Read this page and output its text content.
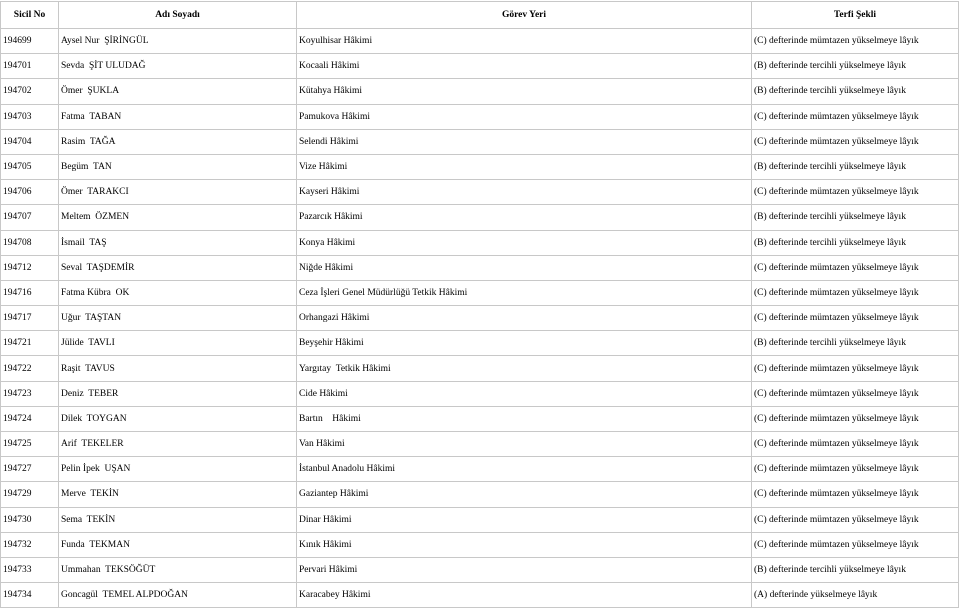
Sicil No	Adı Soyadı	Görev Yeri	Terfi Şekli
194699	Aysel Nur  ŞİRİNGÜL	Koyulhisar Hâkimi	(C) defterinde mümtazen yükselmeye lâyık
194701	Sevda  ŞİT ULUDAĞ	Kocaali Hâkimi	(B) defterinde tercihli yükselmeye lâyık
194702	Ömer  ŞUKLA	Kütahya Hâkimi	(B) defterinde tercihli yükselmeye lâyık
194703	Fatma  TABAN	Pamukova Hâkimi	(C) defterinde mümtazen yükselmeye lâyık
194704	Rasim  TAĞA	Selendi Hâkimi	(C) defterinde mümtazen yükselmeye lâyık
194705	Begüm  TAN	Vize Hâkimi	(B) defterinde tercihli yükselmeye lâyık
194706	Ömer  TARAKCI	Kayseri Hâkimi	(C) defterinde mümtazen yükselmeye lâyık
194707	Meltem  ÖZMEN	Pazarcık Hâkimi	(B) defterinde tercihli yükselmeye lâyık
194708	İsmail  TAŞ	Konya Hâkimi	(B) defterinde tercihli yükselmeye lâyık
194712	Seval  TAŞDEMİR	Niğde Hâkimi	(C) defterinde mümtazen yükselmeye lâyık
194716	Fatma Kübra  OK	Ceza İşleri Genel Müdürlüğü Tetkik Hâkimi	(C) defterinde mümtazen yükselmeye lâyık
194717	Uğur  TAŞTAN	Orhangazi Hâkimi	(C) defterinde mümtazen yükselmeye lâyık
194721	Jülide  TAVLI	Beyşehir Hâkimi	(B) defterinde tercihli yükselmeye lâyık
194722	Raşit  TAVUS	Yargıtay  Tetkik Hâkimi	(C) defterinde mümtazen yükselmeye lâyık
194723	Deniz  TEBER	Cide Hâkimi	(C) defterinde mümtazen yükselmeye lâyık
194724	Dilek  TOYGAN	Bartın    Hâkimi	(C) defterinde mümtazen yükselmeye lâyık
194725	Arif  TEKELER	Van Hâkimi	(C) defterinde mümtazen yükselmeye lâyık
194727	Pelin İpek  UŞAN	İstanbul Anadolu Hâkimi	(C) defterinde mümtazen yükselmeye lâyık
194729	Merve  TEKİN	Gaziantep Hâkimi	(C) defterinde mümtazen yükselmeye lâyık
194730	Sema  TEKİN	Dinar Hâkimi	(C) defterinde mümtazen yükselmeye lâyık
194732	Funda  TEKMAN	Kınık Hâkimi	(C) defterinde mümtazen yükselmeye lâyık
194733	Ummahan  TEKSÖĞÜT	Pervari Hâkimi	(B) defterinde tercihli yükselmeye lâyık
194734	Goncagül  TEMEL ALPDOĞAN	Karacabey Hâkimi	(A) defterinde yükselmeye lâyık
